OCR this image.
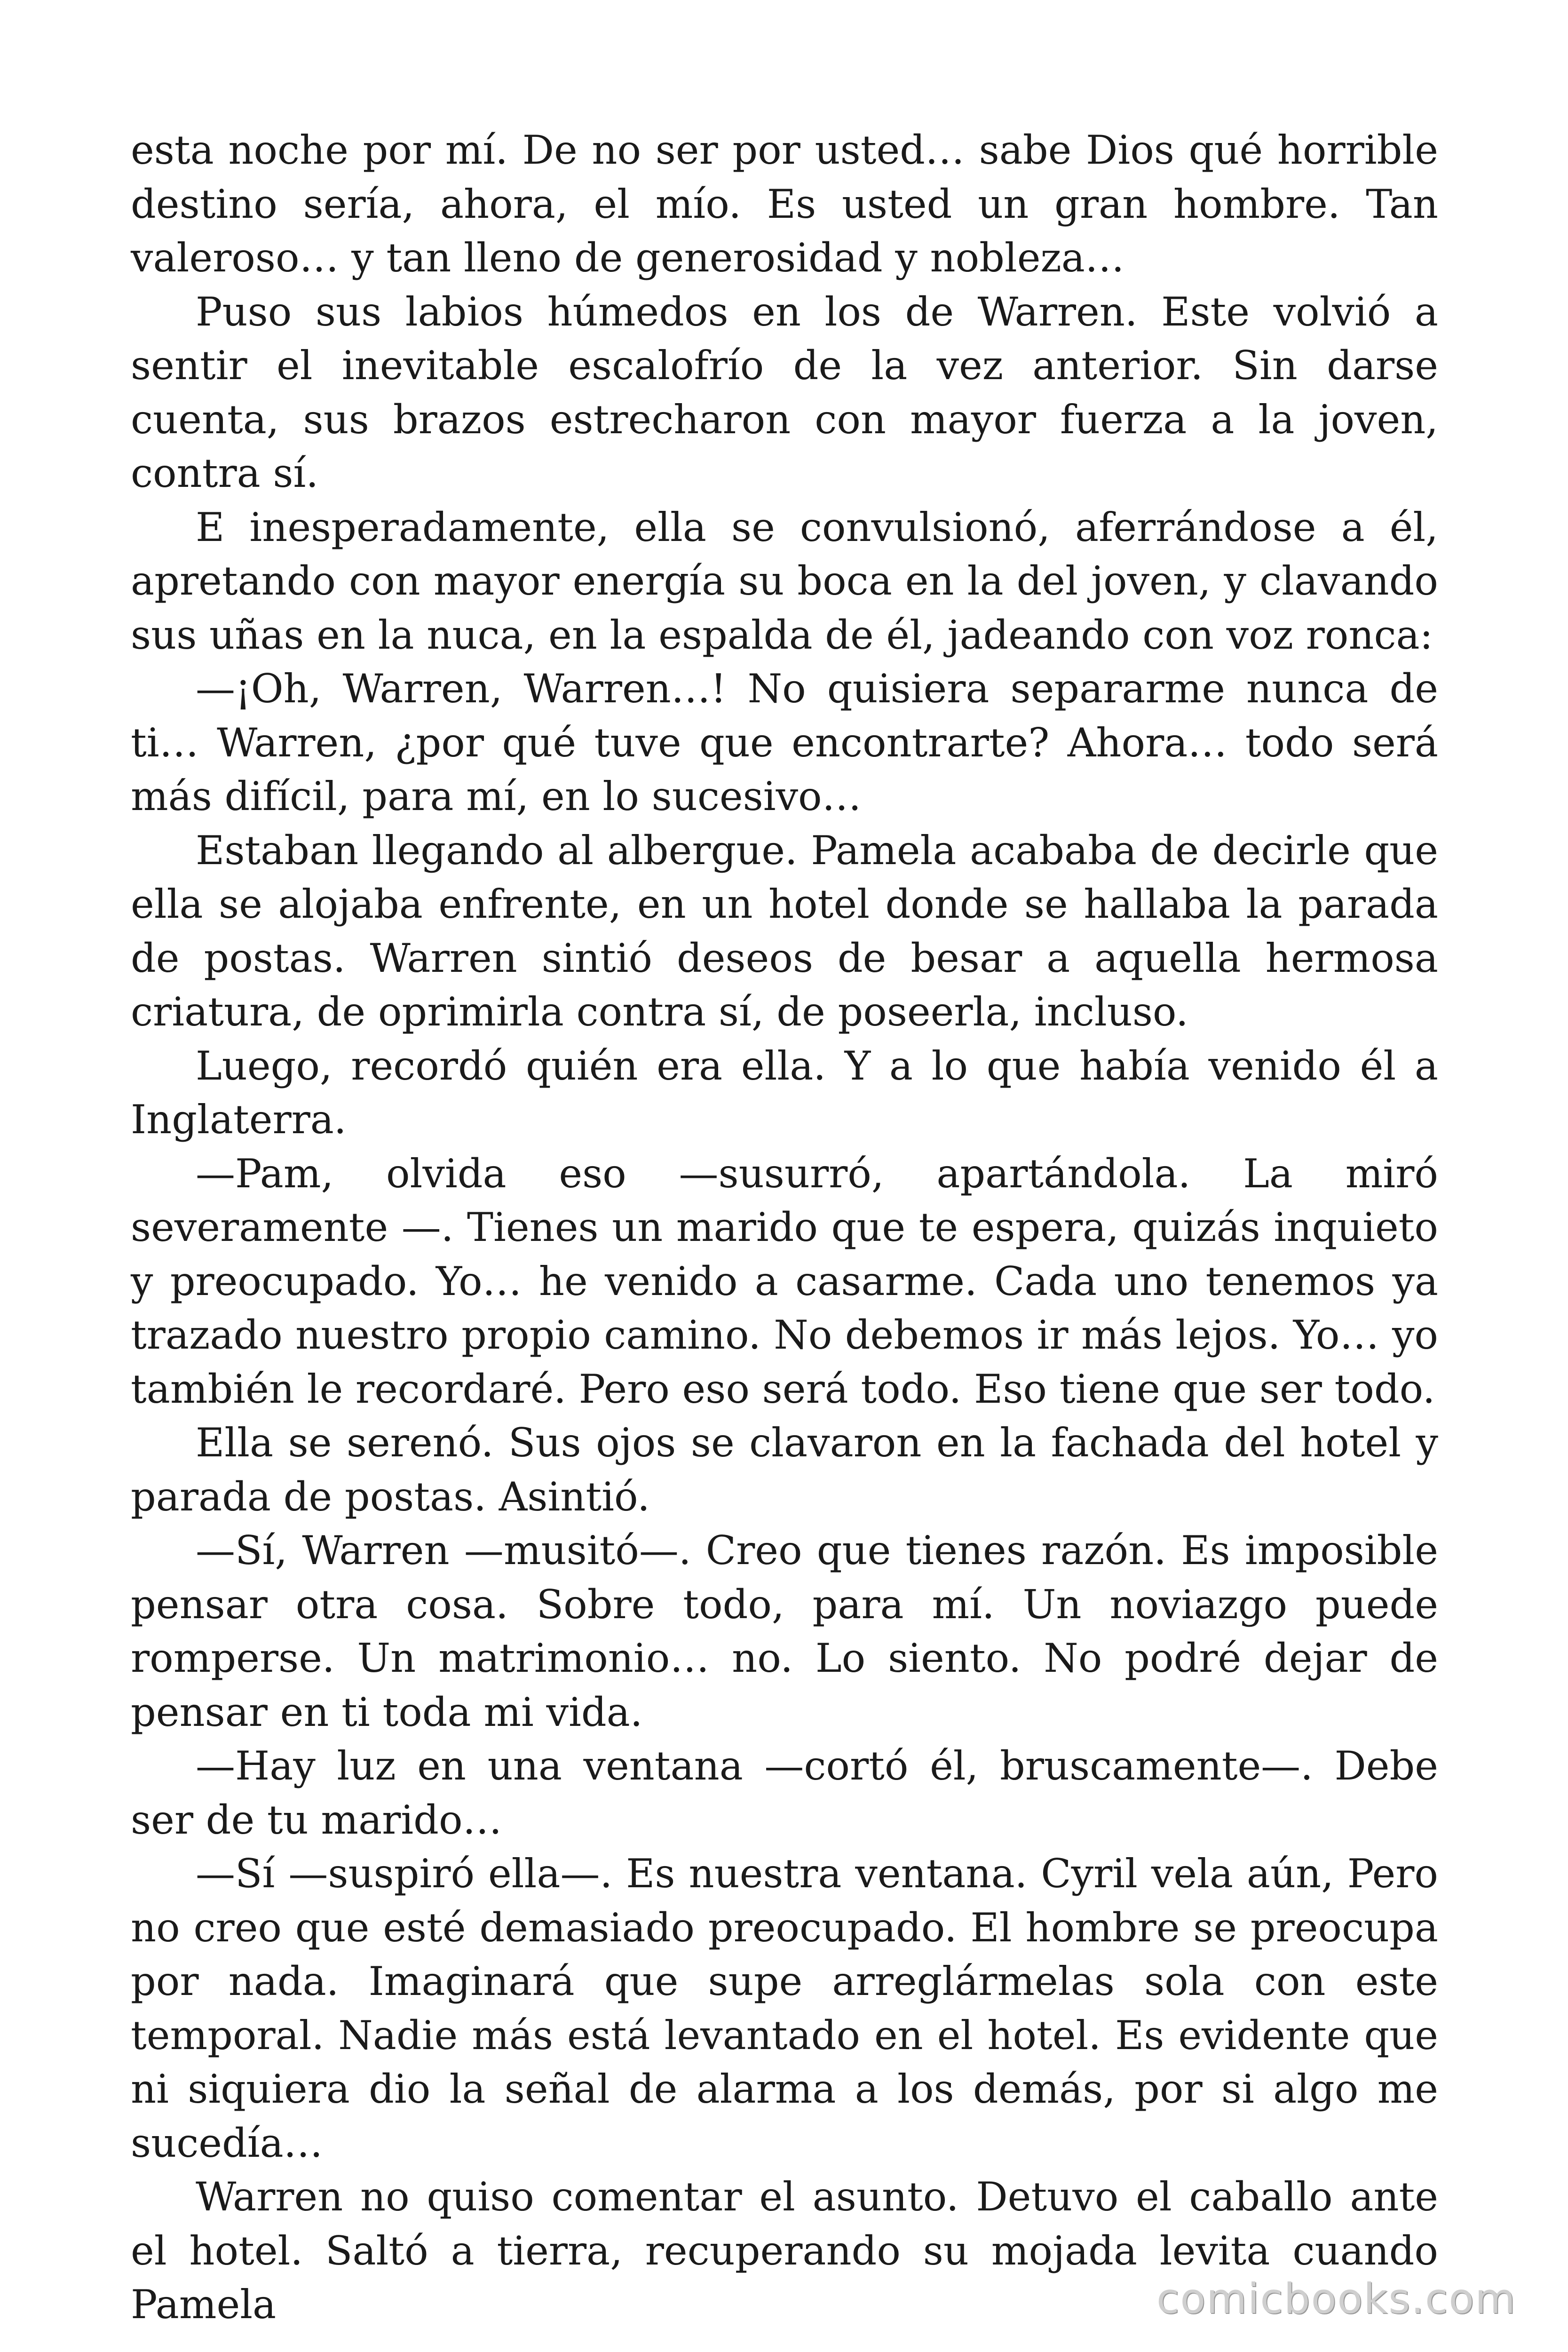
esta noche por mí. De no ser por usted… sabe Dios qué horrible destino sería, ahora, el mío. Es usted un gran hombre. Tan valeroso… y tan lleno de generosidad y nobleza…

Puso sus labios húmedos en los de Warren. Este volvió a sentir el inevitable escalofrío de la vez anterior. Sin darse cuenta, sus brazos estrecharon con mayor fuerza a la joven, contra sí.

E inesperadamente, ella se convulsionó, aferrándose a él, apretando con mayor energía su boca en la del joven, y clavando sus uñas en la nuca, en la espalda de él, jadeando con voz ronca:

—¡Oh, Warren, Warren…! No quisiera separarme nunca de ti… Warren, ¿por qué tuve que encontrarte? Ahora… todo será más difícil, para mí, en lo sucesivo…

Estaban llegando al albergue. Pamela acababa de decirle que ella se alojaba enfrente, en un hotel donde se hallaba la parada de postas. Warren sintió deseos de besar a aquella hermosa criatura, de oprimirla contra sí, de poseerla, incluso.

Luego, recordó quién era ella. Y a lo que había venido él a Inglaterra.

—Pam, olvida eso —susurró, apartándola. La miró severamente —. Tienes un marido que te espera, quizás inquieto y preocupado. Yo… he venido a casarme. Cada uno tenemos ya trazado nuestro propio camino. No debemos ir más lejos. Yo… yo también le recordaré. Pero eso será todo. Eso tiene que ser todo.

Ella se serenó. Sus ojos se clavaron en la fachada del hotel y parada de postas. Asintió.

—Sí, Warren —musitó—. Creo que tienes razón. Es imposible pensar otra cosa. Sobre todo, para mí. Un noviazgo puede romperse. Un matrimonio… no. Lo siento. No podré dejar de pensar en ti toda mi vida.

—Hay luz en una ventana —cortó él, bruscamente—. Debe ser de tu marido…

—Sí —suspiró ella—. Es nuestra ventana. Cyril vela aún, Pero no creo que esté demasiado preocupado. El hombre se preocupa por nada. Imaginará que supe arreglármelas sola con este temporal. Nadie más está levantado en el hotel. Es evidente que ni siquiera dio la señal de alarma a los demás, por si algo me sucedía…

Warren no quiso comentar el asunto. Detuvo el caballo ante el hotel. Saltó a tierra, recuperando su mojada levita cuando Pamela	comicbooks.com
